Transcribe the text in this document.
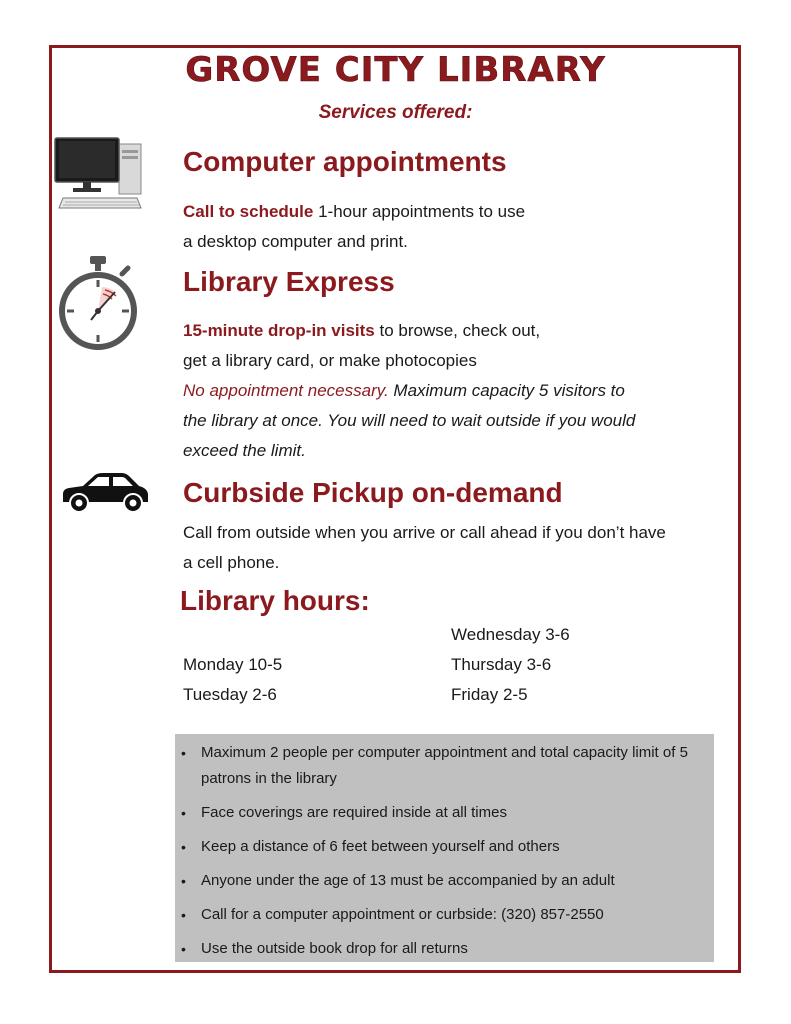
GROVE CITY LIBRARY
Services offered:
Computer appointments
Call to schedule 1-hour appointments to use
a desktop computer and print.
Library Express
15-minute drop-in visits to browse, check out,
get a library card, or make photocopies
No appointment necessary. Maximum capacity 5 visitors to
the library at once. You will need to wait outside if you would
exceed the limit.
Curbside Pickup on-demand
Call from outside when you arrive or call ahead if you don’t have
a cell phone.
Library hours:
Monday 10-5
Tuesday 2-6
Wednesday 3-6
Thursday 3-6
Friday 2-5
• Maximum 2 people per computer appointment and total capacity limit of 5 patrons in the library
• Face coverings are required inside at all times
• Keep a distance of 6 feet between yourself and others
• Anyone under the age of 13 must be accompanied by an adult
• Call for a computer appointment or curbside: (320) 857-2550
• Use the outside book drop for all returns
